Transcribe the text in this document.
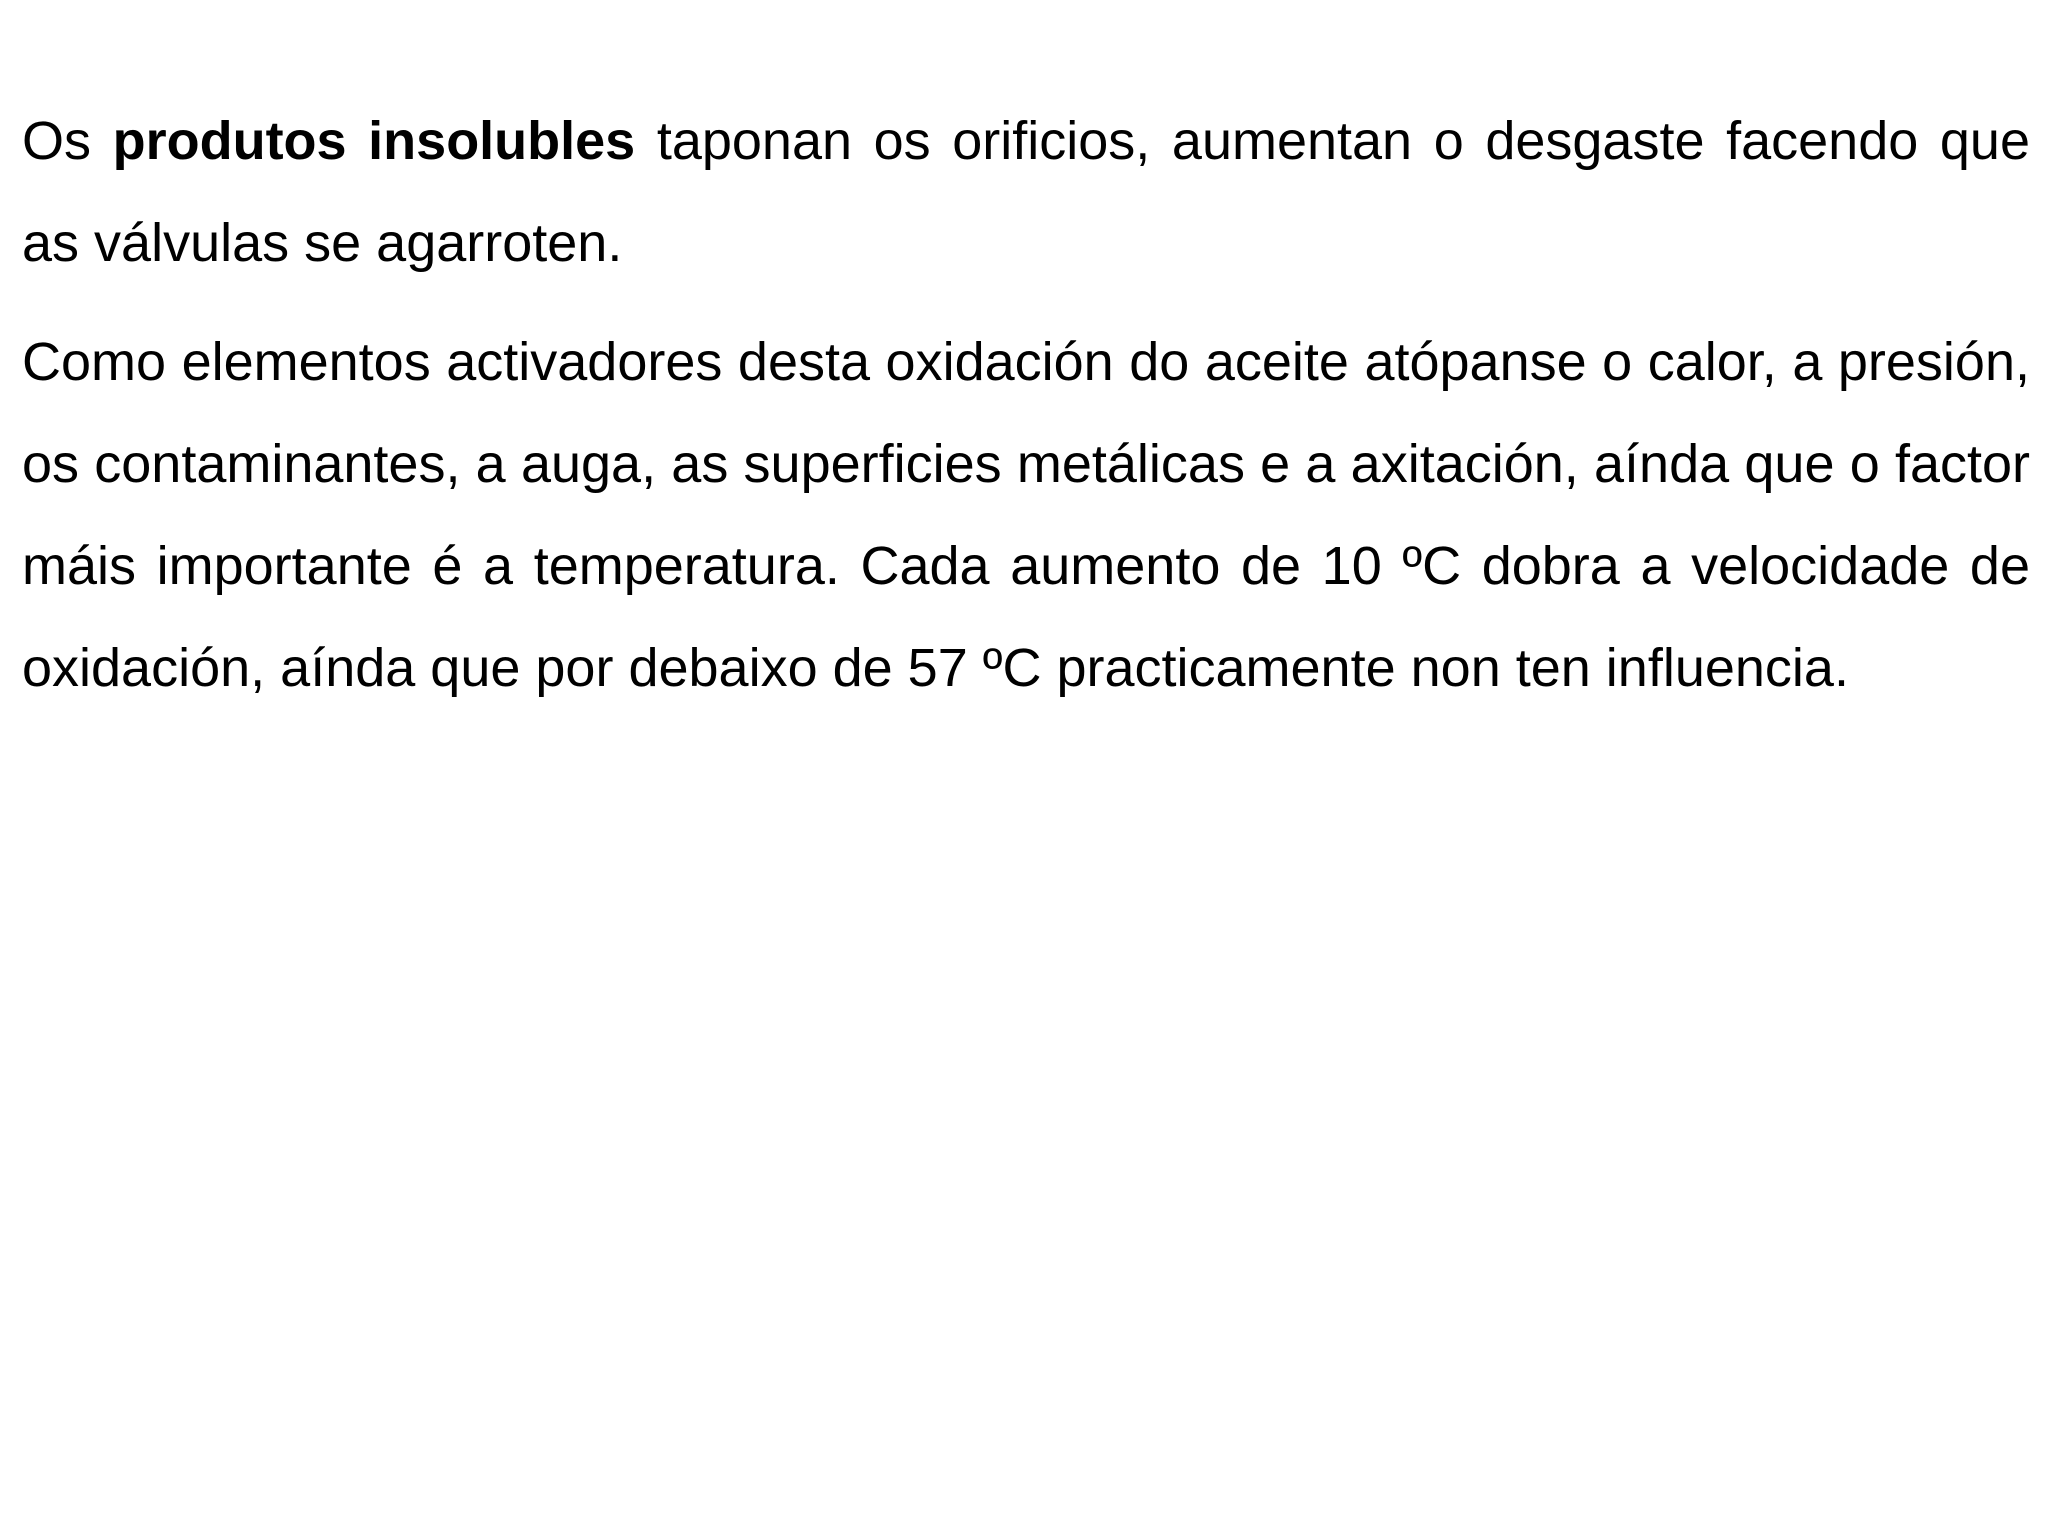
Os produtos insolubles taponan os orificios, aumentan o desgaste facendo que as válvulas se agarroten.

Como elementos activadores desta oxidación do aceite atópanse o calor, a presión, os contaminantes, a auga, as superficies metálicas e a axitación, aínda que o factor máis importante é a temperatura. Cada aumento de 10 ºC dobra a velocidade de oxidación, aínda que por debaixo de 57 ºC practicamente non ten influencia.
